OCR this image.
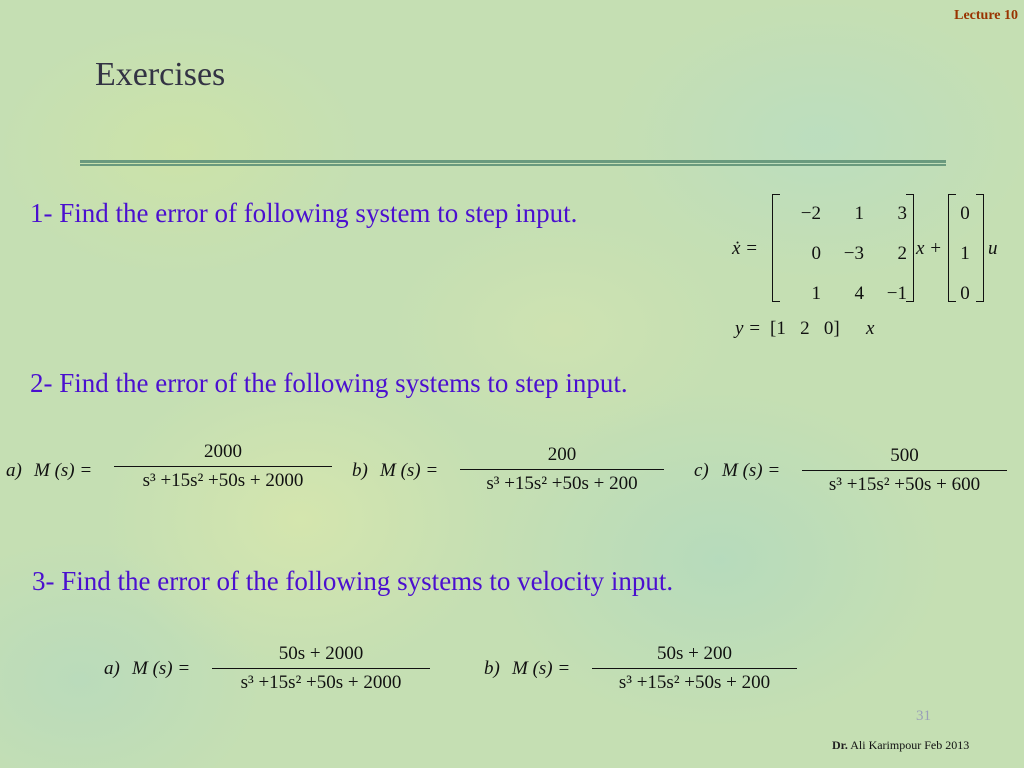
Lecture 10
Exercises
1- Find the error of following system to step input.
ẋ =
−2	1	3
0	−3	2
1	4	−1
x +
0
1
0
u
y = [1   2   0] x
2- Find the error of the following systems to step input.
a) M (s) =
2000
s³ +15s² +50s + 2000	b) M (s) =
200
s³ +15s² +50s + 200
c) M (s) =
500
s³ +15s² +50s + 600
3- Find the error of the following systems to velocity input.
a) M (s) =
50s + 2000
s³ +15s² +50s + 2000
b) M (s) =
50s + 200
s³ +15s² +50s + 200
31
Dr. Ali Karimpour Feb 2013
